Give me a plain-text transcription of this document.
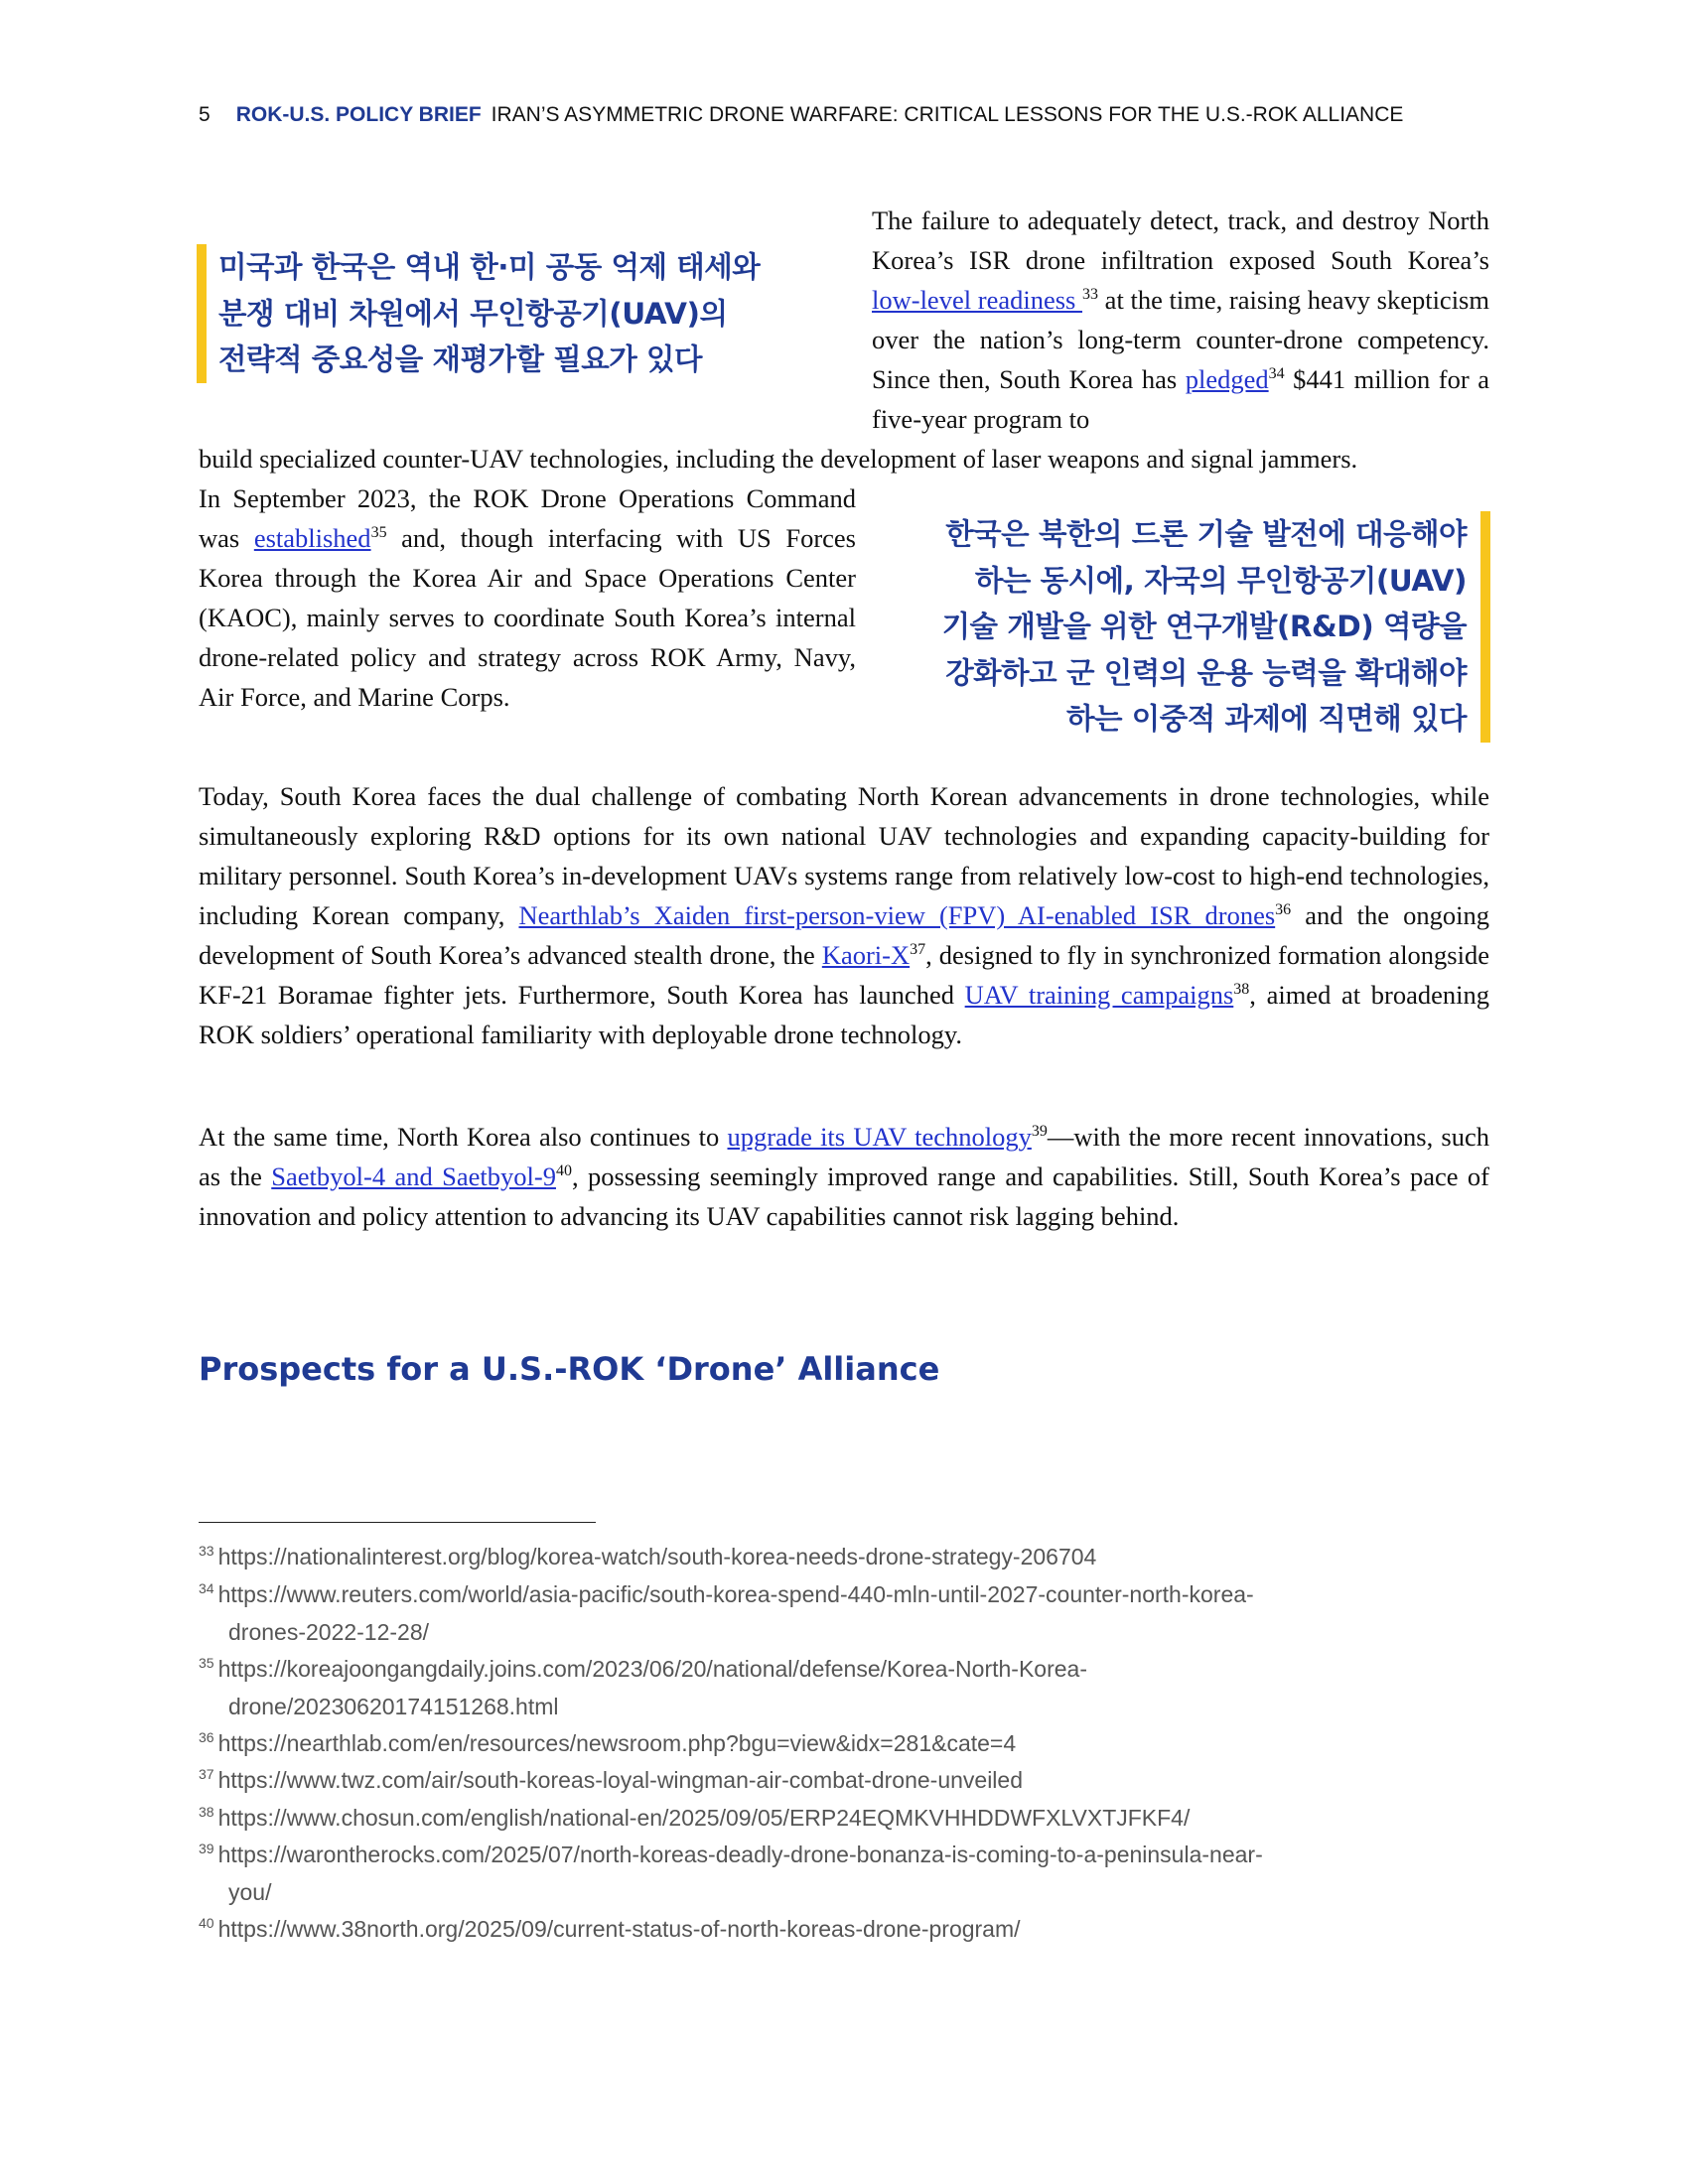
5 ROK-U.S. POLICY BRIEF IRAN’S ASYMMETRIC DRONE WARFARE: CRITICAL LESSONS FOR THE U.S.-ROK ALLIANCE
미국과 한국은 역내 한·미 공동 억제 태세와
분쟁 대비 차원에서 무인항공기(UAV)의
전략적 중요성을 재평가할 필요가 있다
The failure to adequately detect, track, and destroy North Korea’s ISR drone infiltration exposed South Korea’s low-level readiness $^{33}$ at the time, raising heavy skepticism over the nation’s long-term counter-drone competency. Since then, South Korea has pledged$^{34}$ $441 million for a five-year program to
build specialized counter-UAV technologies, including the development of laser weapons and signal jammers.
In September 2023, the ROK Drone Operations Command was established$^{35}$ and, though interfacing with US Forces Korea through the Korea Air and Space Operations Center (KAOC), mainly serves to coordinate South Korea’s internal drone-related policy and strategy across ROK Army, Navy, Air Force, and Marine Corps.
한국은 북한의 드론 기술 발전에 대응해야
하는 동시에, 자국의 무인항공기(UAV)
기술 개발을 위한 연구개발(R&D) 역량을
강화하고 군 인력의 운용 능력을 확대해야
하는 이중적 과제에 직면해 있다
Today, South Korea faces the dual challenge of combating North Korean advancements in drone technologies, while simultaneously exploring R&D options for its own national UAV technologies and expanding capacity-building for military personnel. South Korea’s in-development UAVs systems range from relatively low-cost to high-end technologies, including Korean company, Nearthlab’s Xaiden first-person-view (FPV) AI-enabled ISR drones$^{36}$ and the ongoing development of South Korea’s advanced stealth drone, the Kaori-$X^{37}$, designed to fly in synchronized formation alongside KF-21 Boramae fighter jets. Furthermore, South Korea has launched UAV training campaigns$^{38}$, aimed at broadening ROK soldiers’ operational familiarity with deployable drone technology.
At the same time, North Korea also continues to upgrade its UAV technology$^{39}$—with the more recent innovations, such as the Saetbyol-4 and Saetbyol-$9^{40}$, possessing seemingly improved range and capabilities. Still, South Korea’s pace of innovation and policy attention to advancing its UAV capabilities cannot risk lagging behind.
Prospects for a U.S.-ROK ‘Drone’ Alliance
$^{33}$ https://nationalinterest.org/blog/korea-watch/south-korea-needs-drone-strategy-206704
$^{34}$ https://www.reuters.com/world/asia-pacific/south-korea-spend-440-mln-until-2027-counter-north-korea-
drones-2022-12-28/
$^{35}$ https://koreajoongangdaily.joins.com/2023/06/20/national/defense/Korea-North-Korea-
drone/20230620174151268.html
$^{36}$ https://nearthlab.com/en/resources/newsroom.php?bgu=view&idx=281&cate=4
$^{37}$ https://www.twz.com/air/south-koreas-loyal-wingman-air-combat-drone-unveiled
$^{38}$ https://www.chosun.com/english/national-en/2025/09/05/ERP24EQMKVHHDDWFXLVXTJFKF4/
$^{39}$ https://warontherocks.com/2025/07/north-koreas-deadly-drone-bonanza-is-coming-to-a-peninsula-near-
you/
$^{40}$ https://www.38north.org/2025/09/current-status-of-north-koreas-drone-program/
